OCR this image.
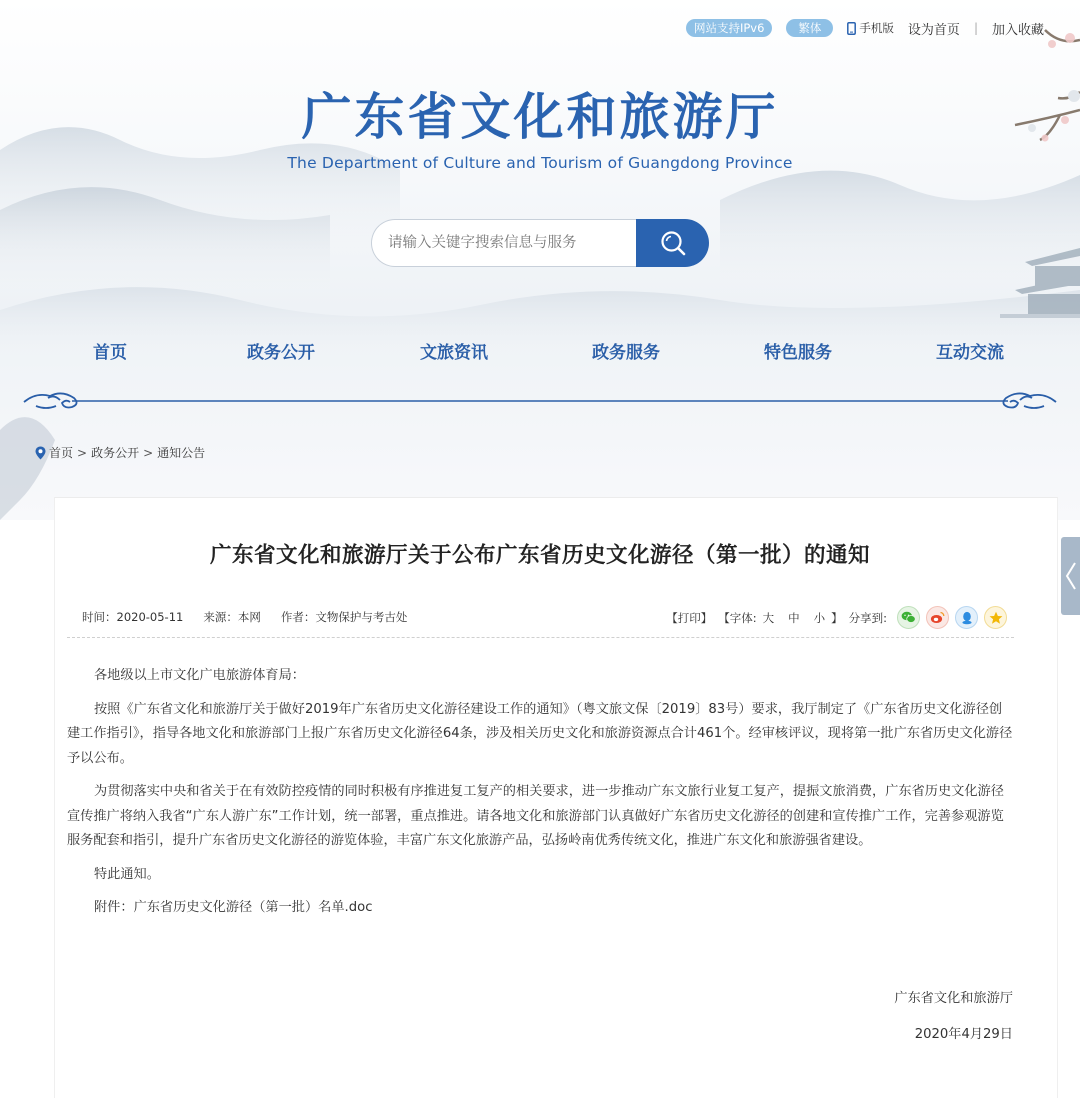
网站支持IPv6	繁体	手机版 设为首页 | 加入收藏
广东省文化和旅游厅
The Department of Culture and Tourism of Guangdong Province
请输入关键字搜索信息与服务
首页	政务公开	文旅资讯	政务服务	特色服务	互动交流
首页 > 政务公开 > 通知公告
广东省文化和旅游厅关于公布广东省历史文化游径（第一批）的通知
时间：2020-05-11 来源：本网 作者：文物保护与考古处	【打印】 【字体: 大 中 小 】 分享到:

各地级以上市文化广电旅游体育局：

按照《广东省文化和旅游厅关于做好2019年广东省历史文化游径建设工作的通知》（粤文旅文保〔2019〕83号）要求，我厅制定了《广东省历史文化游径创建工作指引》，指导各地文化和旅游部门上报广东省历史文化游径64条，涉及相关历史文化和旅游资源点合计461个。经审核评议，现将第一批广东省历史文化游径予以公布。

为贯彻落实中央和省关于在有效防控疫情的同时积极有序推进复工复产的相关要求，进一步推动广东文旅行业复工复产，提振文旅消费，广东省历史文化游径宣传推广将纳入我省“广东人游广东”工作计划，统一部署，重点推进。请各地文化和旅游部门认真做好广东省历史文化游径的创建和宣传推广工作，完善参观游览服务配套和指引，提升广东省历史文化游径的游览体验，丰富广东文化旅游产品，弘扬岭南优秀传统文化，推进广东文化和旅游强省建设。

特此通知。

附件：广东省历史文化游径（第一批）名单.doc

广东省文化和旅游厅
2020年4月29日
